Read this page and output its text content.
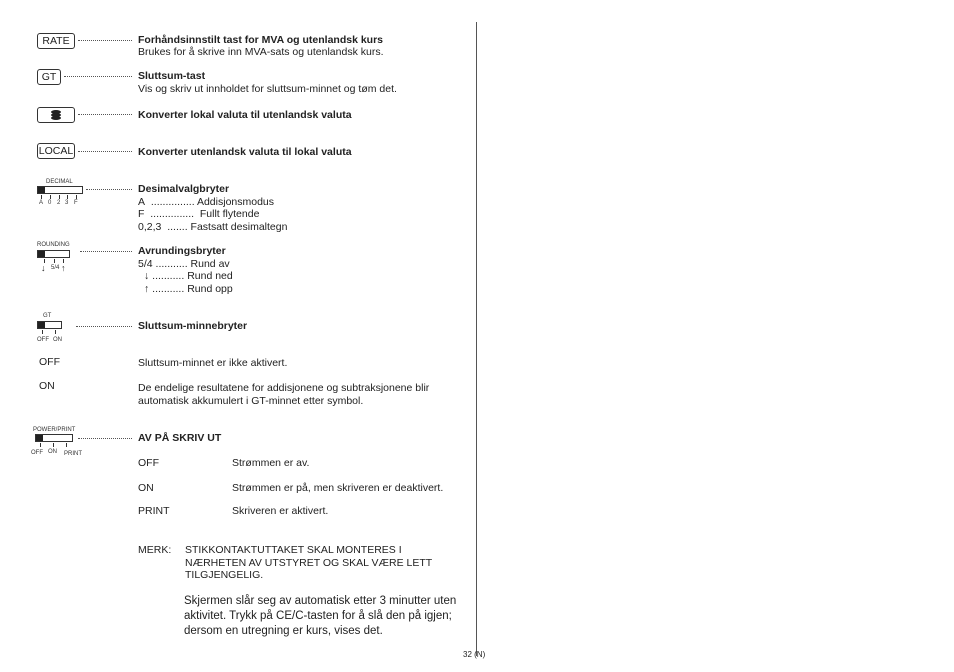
RATE	Forhåndsinnstilt tast for MVA og utenlandsk kurs
Brukes for å skrive inn MVA-sats og utenlandsk kurs.
GT	Sluttsum-tast
Vis og skriv ut innholdet for sluttsum-minnet og tøm det.
Konverter lokal valuta til utenlandsk valuta
LOCAL	Konverter utenlandsk valuta til lokal valuta
DECIMAL
A 0 2 3 F
Desimalvalgbryter
A ............... Addisjonsmodus
F ............... Fullt flytende
0,2,3 ....... Fastsatt desimaltegn
ROUNDING
↓ 5/4 ↑
Avrundingsbryter
5/4 ........... Rund av
↓ ........... Rund ned
↑ ........... Rund opp
GT
OFF ON
Sluttsum-minnebryter
OFF	Sluttsum-minnet er ikke aktivert.
ON	De endelige resultatene for addisjonene og subtraksjonene blir
automatisk akkumulert i GT-minnet etter symbol.
POWER/PRINT
OFF ON PRINT
AV PÅ SKRIV UT
OFF	Strømmen er av.
ON	Strømmen er på, men skriveren er deaktivert.
PRINT	Skriveren er aktivert.
MERK: STIKKONTAKTUTTAKET SKAL MONTERES I
NÆRHETEN AV UTSTYRET OG SKAL VÆRE LETT
TILGJENGELIG.
Skjermen slår seg av automatisk etter 3 minutter uten
aktivitet. Trykk på CE/C-tasten for å slå den på igjen;
dersom en utregning er kurs, vises det.
32 (N)
